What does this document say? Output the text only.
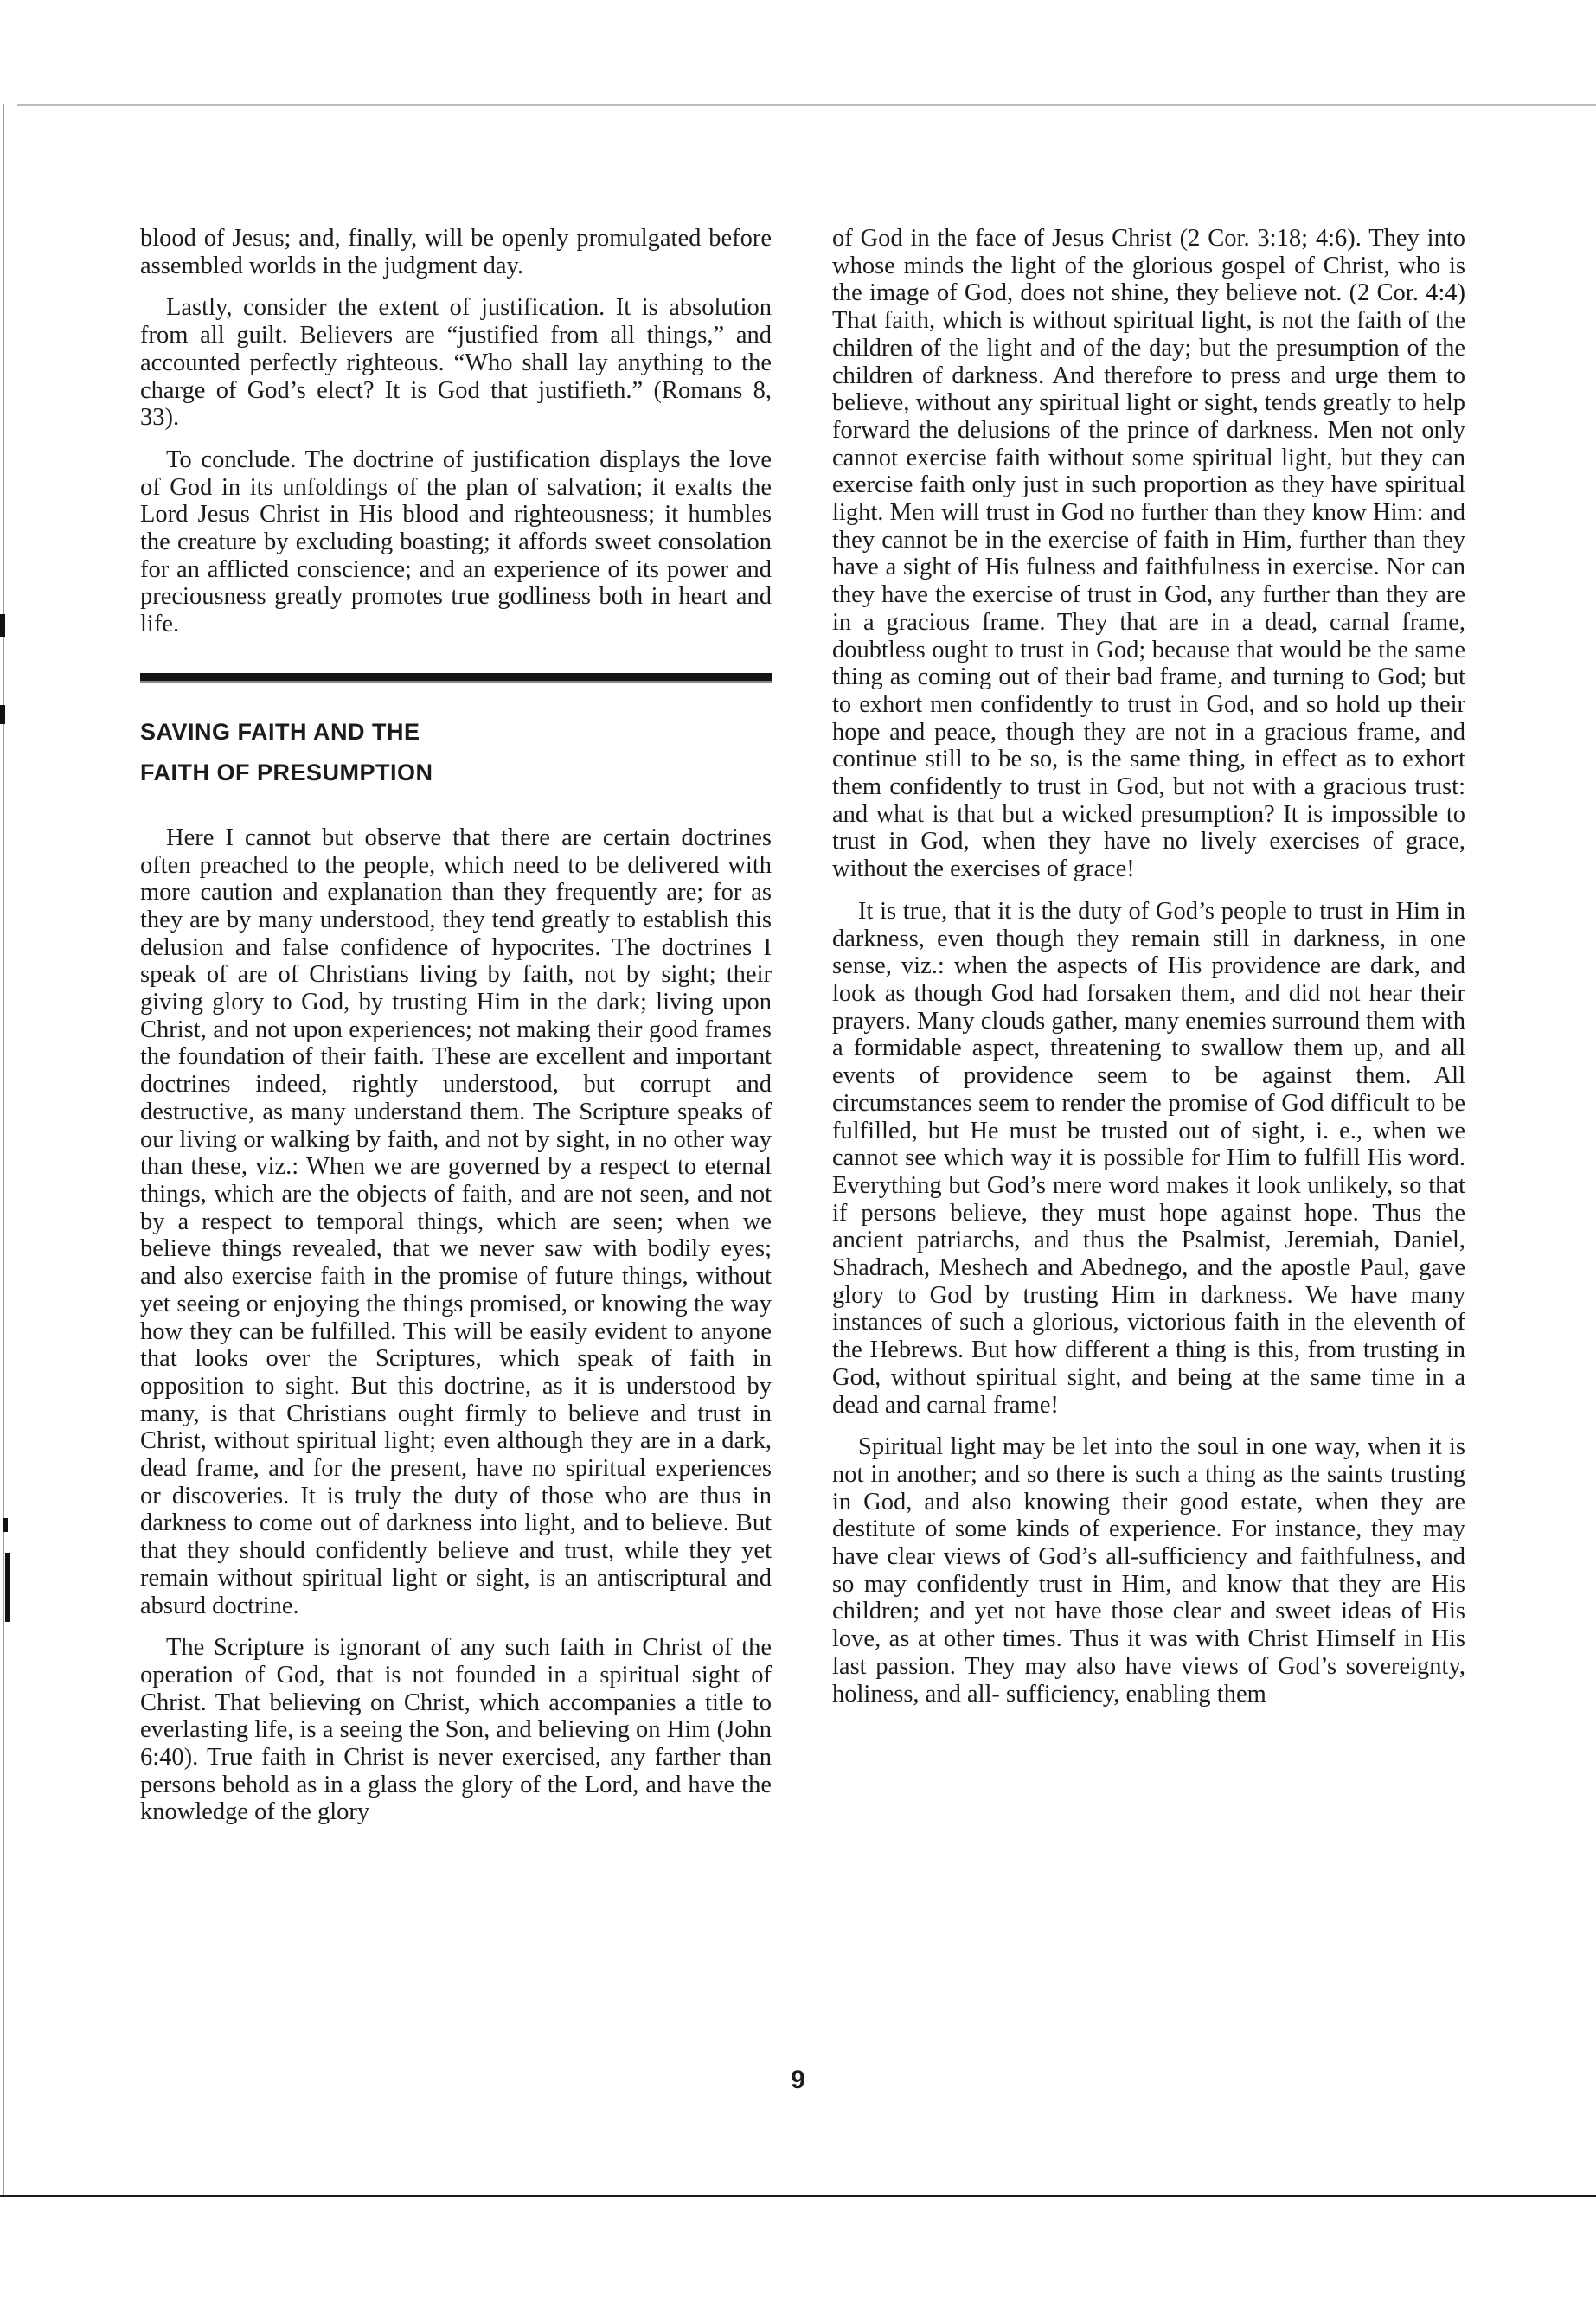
blood of Jesus; and, finally, will be openly promulgated before assembled worlds in the judgment day.

Lastly, consider the extent of justification. It is absolution from all guilt. Believers are “justified from all things,” and accounted perfectly righteous. “Who shall lay anything to the charge of God’s elect? It is God that justifieth.” (Romans 8, 33).

To conclude. The doctrine of justification displays the love of God in its unfoldings of the plan of salvation; it exalts the Lord Jesus Christ in His blood and righteousness; it humbles the creature by excluding boasting; it affords sweet consolation for an afflicted conscience; and an experience of its power and preciousness greatly promotes true godliness both in heart and life.

SAVING FAITH AND THE
FAITH OF PRESUMPTION

Here I cannot but observe that there are certain doctrines often preached to the people, which need to be delivered with more caution and explanation than they frequently are; for as they are by many understood, they tend greatly to establish this delusion and false confidence of hypocrites. The doctrines I speak of are of Christians living by faith, not by sight; their giving glory to God, by trusting Him in the dark; living upon Christ, and not upon experiences; not making their good frames the foundation of their faith. These are excellent and important doctrines indeed, rightly understood, but corrupt and destructive, as many understand them. The Scripture speaks of our living or walking by faith, and not by sight, in no other way than these, viz.: When we are governed by a respect to eternal things, which are the objects of faith, and are not seen, and not by a respect to temporal things, which are seen; when we believe things revealed, that we never saw with bodily eyes; and also exercise faith in the promise of future things, without yet seeing or enjoying the things promised, or knowing the way how they can be fulfilled. This will be easily evident to anyone that looks over the Scriptures, which speak of faith in opposition to sight. But this doctrine, as it is understood by many, is that Christians ought firmly to believe and trust in Christ, without spiritual light; even although they are in a dark, dead frame, and for the present, have no spiritual experiences or discoveries. It is truly the duty of those who are thus in darkness to come out of darkness into light, and to believe. But that they should confidently believe and trust, while they yet remain without spiritual light or sight, is an antiscriptural and absurd doctrine.

The Scripture is ignorant of any such faith in Christ of the operation of God, that is not founded in a spiritual sight of Christ. That believing on Christ, which accompanies a title to everlasting life, is a seeing the Son, and believing on Him (John 6:40). True faith in Christ is never exercised, any farther than persons behold as in a glass the glory of the Lord, and have the knowledge of the glory

of God in the face of Jesus Christ (2 Cor. 3:18; 4:6). They into whose minds the light of the glorious gospel of Christ, who is the image of God, does not shine, they believe not. (2 Cor. 4:4) That faith, which is without spiritual light, is not the faith of the children of the light and of the day; but the presumption of the children of darkness. And therefore to press and urge them to believe, without any spiritual light or sight, tends greatly to help forward the delusions of the prince of darkness. Men not only cannot exercise faith without some spiritual light, but they can exercise faith only just in such proportion as they have spiritual light. Men will trust in God no further than they know Him: and they cannot be in the exercise of faith in Him, further than they have a sight of His fulness and faithfulness in exercise. Nor can they have the exercise of trust in God, any further than they are in a gracious frame. They that are in a dead, carnal frame, doubtless ought to trust in God; because that would be the same thing as coming out of their bad frame, and turning to God; but to exhort men confidently to trust in God, and so hold up their hope and peace, though they are not in a gracious frame, and continue still to be so, is the same thing, in effect as to exhort them confidently to trust in God, but not with a gracious trust: and what is that but a wicked presumption? It is impossible to trust in God, when they have no lively exercises of grace, without the exercises of grace!

It is true, that it is the duty of God’s people to trust in Him in darkness, even though they remain still in darkness, in one sense, viz.: when the aspects of His providence are dark, and look as though God had forsaken them, and did not hear their prayers. Many clouds gather, many enemies surround them with a formidable aspect, threatening to swallow them up, and all events of providence seem to be against them. All circumstances seem to render the promise of God difficult to be fulfilled, but He must be trusted out of sight, i. e., when we cannot see which way it is possible for Him to fulfill His word. Everything but God’s mere word makes it look unlikely, so that if persons believe, they must hope against hope. Thus the ancient patriarchs, and thus the Psalmist, Jeremiah, Daniel, Shadrach, Meshech and Abednego, and the apostle Paul, gave glory to God by trusting Him in darkness. We have many instances of such a glorious, victorious faith in the eleventh of the Hebrews. But how different a thing is this, from trusting in God, without spiritual sight, and being at the same time in a dead and carnal frame!

Spiritual light may be let into the soul in one way, when it is not in another; and so there is such a thing as the saints trusting in God, and also knowing their good estate, when they are destitute of some kinds of experience. For instance, they may have clear views of God’s all-sufficiency and faithfulness, and so may confidently trust in Him, and know that they are His children; and yet not have those clear and sweet ideas of His love, as at other times. Thus it was with Christ Himself in His last passion. They may also have views of God’s sovereignty, holiness, and all- sufficiency, enabling them

9
